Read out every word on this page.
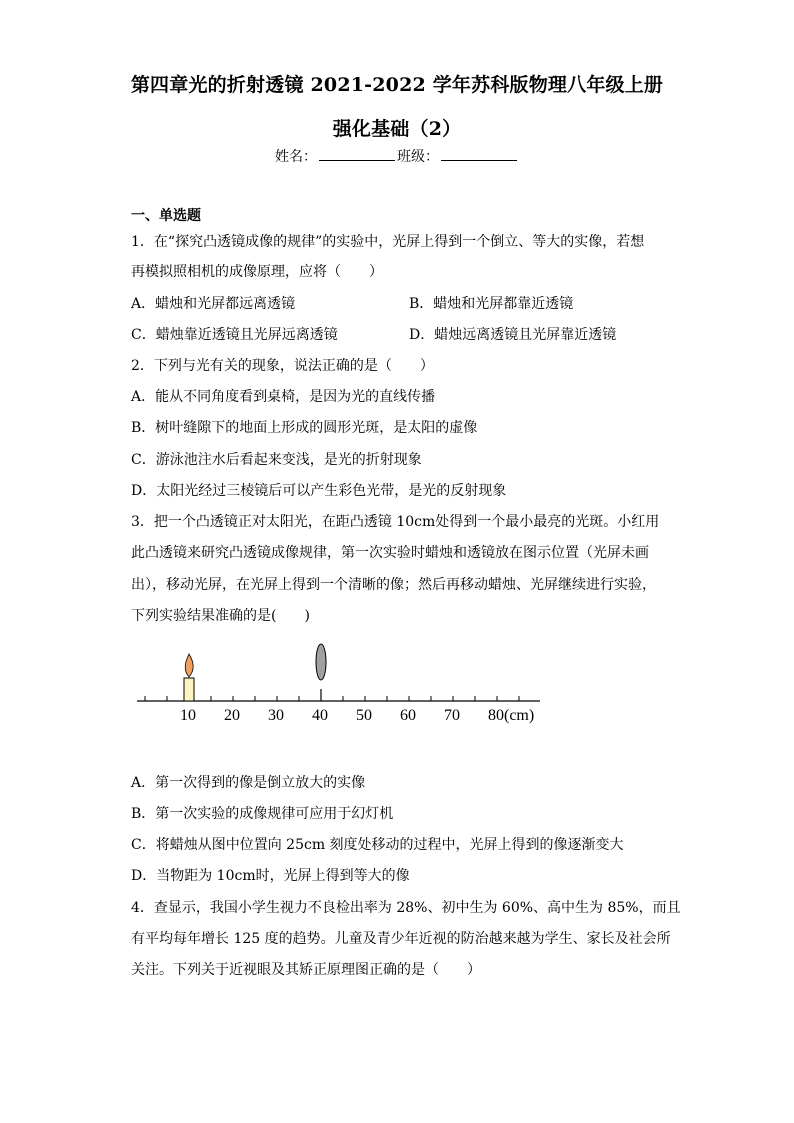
第四章光的折射透镜 2021-2022 学年苏科版物理八年级上册
强化基础（2）
姓名：	班级：
一、单选题
1．在“探究凸透镜成像的规律”的实验中，光屏上得到一个倒立、等大的实像，若想
再模拟照相机的成像原理，应将（　　）
A．蜡烛和光屏都远离透镜	B．蜡烛和光屏都靠近透镜
C．蜡烛靠近透镜且光屏远离透镜	D．蜡烛远离透镜且光屏靠近透镜
2．下列与光有关的现象，说法正确的是（　　）
A．能从不同角度看到桌椅，是因为光的直线传播
B．树叶缝隙下的地面上形成的圆形光斑，是太阳的虚像
C．游泳池注水后看起来变浅，是光的折射现象
D．太阳光经过三棱镜后可以产生彩色光带，是光的反射现象
3．把一个凸透镜正对太阳光，在距凸透镜 10cm处得到一个最小最亮的光斑。小红用
此凸透镜来研究凸透镜成像规律，第一次实验时蜡烛和透镜放在图示位置（光屏未画
出），移动光屏，在光屏上得到一个清晰的像；然后再移动蜡烛、光屏继续进行实验，
下列实验结果准确的是(　　)
10 20 30 40 50 60 70 80(cm)
A．第一次得到的像是倒立放大的实像
B．第一次实验的成像规律可应用于幻灯机
C．将蜡烛从图中位置向 25cm 刻度处移动的过程中，光屏上得到的像逐渐变大
D．当物距为 10cm时，光屏上得到等大的像
4．查显示，我国小学生视力不良检出率为 28%、初中生为 60%、高中生为 85%，而且
有平均每年增长 125 度的趋势。儿童及青少年近视的防治越来越为学生、家长及社会所
关注。下列关于近视眼及其矫正原理图正确的是（　　）
